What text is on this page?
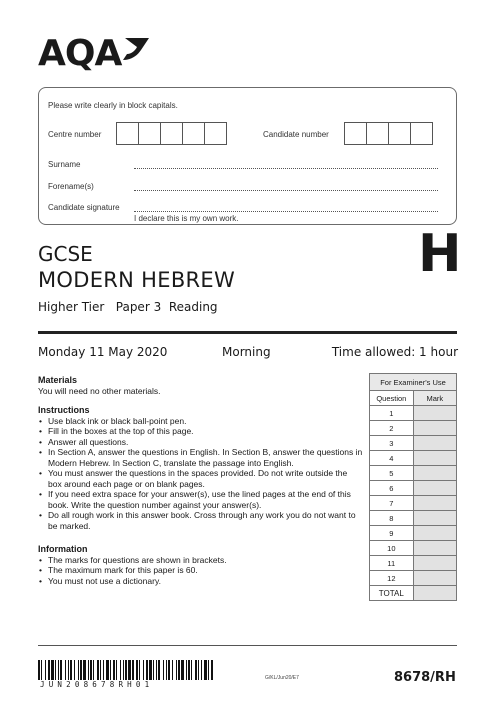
AQA
Please write clearly in block capitals.
Centre number	Candidate number
Surname
Forename(s)
Candidate signature
I declare this is my own work.
GCSE
MODERN HEBREW
Higher Tier   Paper 3  Reading
H
Monday 11 May 2020	Morning	Time allowed: 1 hour
Materials
You will need no other materials.
Instructions
• Use black ink or black ball-point pen.
• Fill in the boxes at the top of this page.
• Answer all questions.
• In Section A, answer the questions in English. In Section B, answer the questions in Modern Hebrew. In Section C, translate the passage into English.
• You must answer the questions in the spaces provided. Do not write outside the box around each page or on blank pages.
• If you need extra space for your answer(s), use the lined pages at the end of this book. Write the question number against your answer(s).
• Do all rough work in this answer book. Cross through any work you do not want to be marked.
Information
• The marks for questions are shown in brackets.
• The maximum mark for this paper is 60.
• You must not use a dictionary.
For Examiner's Use	
Question	Mark
1	
2	
3	
4	
5	
6	
7	
8	
9	
10	
11	
12	
TOTAL	
JUN208678RH01
G/KL/Jun20/E7	8678/RH
